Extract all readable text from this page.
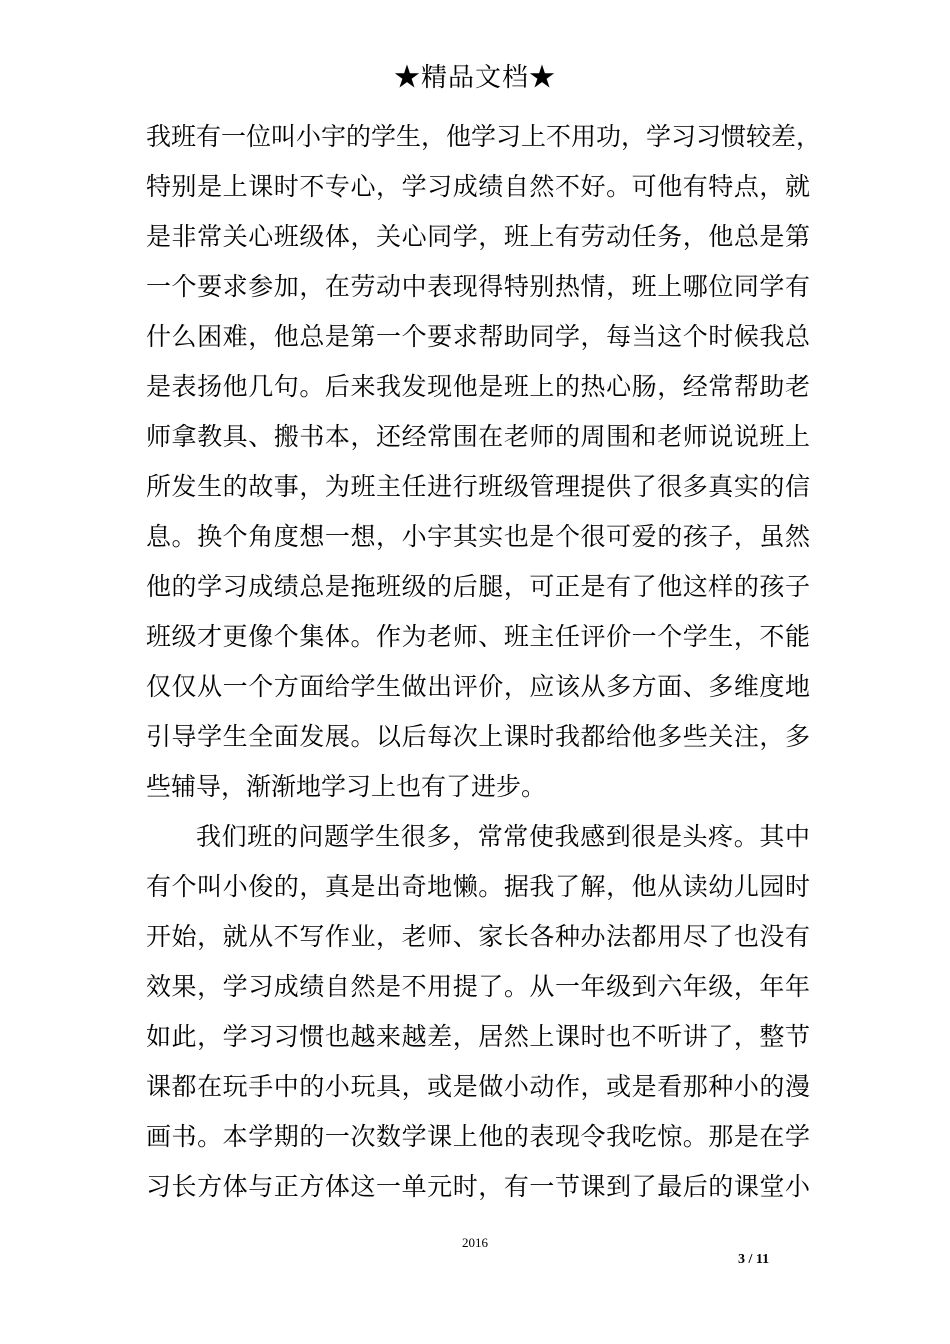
★精品文档★
我班有一位叫小宇的学生，他学习上不用功，学习习惯较差，
特别是上课时不专心，学习成绩自然不好。可他有特点，就
是非常关心班级体，关心同学，班上有劳动任务，他总是第
一个要求参加，在劳动中表现得特别热情，班上哪位同学有
什么困难，他总是第一个要求帮助同学，每当这个时候我总
是表扬他几句。后来我发现他是班上的热心肠，经常帮助老
师拿教具、搬书本，还经常围在老师的周围和老师说说班上
所发生的故事，为班主任进行班级管理提供了很多真实的信
息。换个角度想一想，小宇其实也是个很可爱的孩子，虽然
他的学习成绩总是拖班级的后腿，可正是有了他这样的孩子
班级才更像个集体。作为老师、班主任评价一个学生，不能
仅仅从一个方面给学生做出评价，应该从多方面、多维度地
引导学生全面发展。以后每次上课时我都给他多些关注，多
些辅导，渐渐地学习上也有了进步。
我们班的问题学生很多，常常使我感到很是头疼。其中
有个叫小俊的，真是出奇地懒。据我了解，他从读幼儿园时
开始，就从不写作业，老师、家长各种办法都用尽了也没有
效果，学习成绩自然是不用提了。从一年级到六年级，年年
如此，学习习惯也越来越差，居然上课时也不听讲了，整节
课都在玩手中的小玩具，或是做小动作，或是看那种小的漫
画书。本学期的一次数学课上他的表现令我吃惊。那是在学
习长方体与正方体这一单元时，有一节课到了最后的课堂小
2016
3 / 11
